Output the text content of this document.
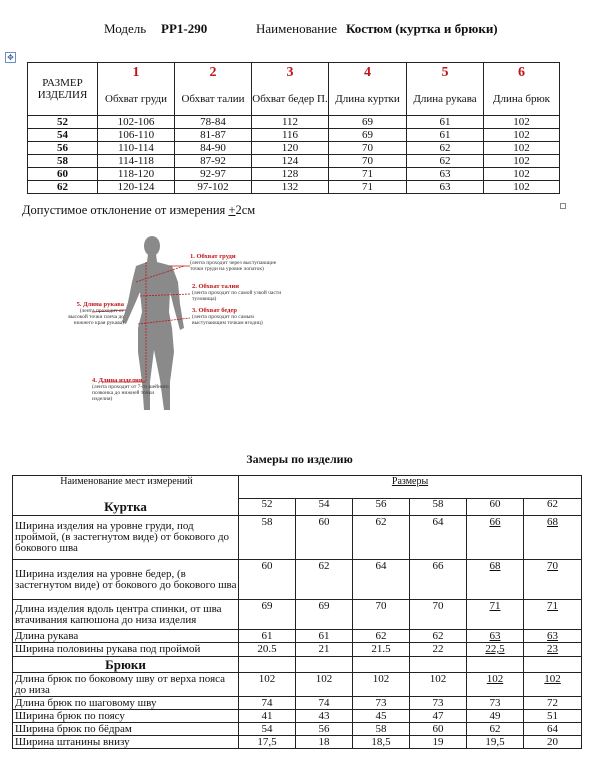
Модель РР1-290	Наименование Костюм (куртка и брюки)
✥
РАЗМЕР ИЗДЕЛИЯ	1	2	3	4	5	6
	Обхват груди	Обхват талии	Обхват бедер П.	Длина куртки	Длина рукава	Длина брюк
52	102-106	78-84	112	69	61	102
54	106-110	81-87	116	69	61	102
56	110-114	84-90	120	70	62	102
58	114-118	87-92	124	70	62	102
60	118-120	92-97	128	71	63	102
62	120-124	97-102	132	71	63	102
Допустимое отклонение от измерения +2см
1. Обхват груди
(лента проходит через выступающие точки груди на уровне лопаток)
2. Обхват талии
(лента проходит по самой узкой части туловища)
3. Обхват бедер
(лента проходит по самым выступающим точкам ягодиц)
5. Длина рукава
(лента проходит от высокой точки плеча до нижнего края рукава)
4. Длина изделия
(лента проходит от 7-го шейного позвонка до нижней точки изделия)
Замеры по изделию
Наименование мест измерений	Размеры					
Куртка	52	54	56	58	60	62
Ширина изделия на уровне груди, под проймой, (в застегнутом виде) от бокового до бокового шва	58	60	62	64	66	68
Ширина изделия на уровне бедер, (в застегнутом виде) от бокового до бокового шва	60	62	64	66	68	70
Длина изделия вдоль центра спинки, от шва втачивания капюшона до низа изделия	69	69	70	70	71	71
Длина рукава	61	61	62	62	63	63
Ширина половины рукава под проймой	20.5	21	21.5	22	22,5	23
Брюки						
Длина брюк по боковому шву от верха пояса до низа	102	102	102	102	102	102
Длина брюк по шаговому шву	74	74	73	73	73	72
Ширина брюк по поясу	41	43	45	47	49	51
Ширина брюк по бёдрам	54	56	58	60	62	64
Ширина штанины внизу	17,5	18	18,5	19	19,5	20
